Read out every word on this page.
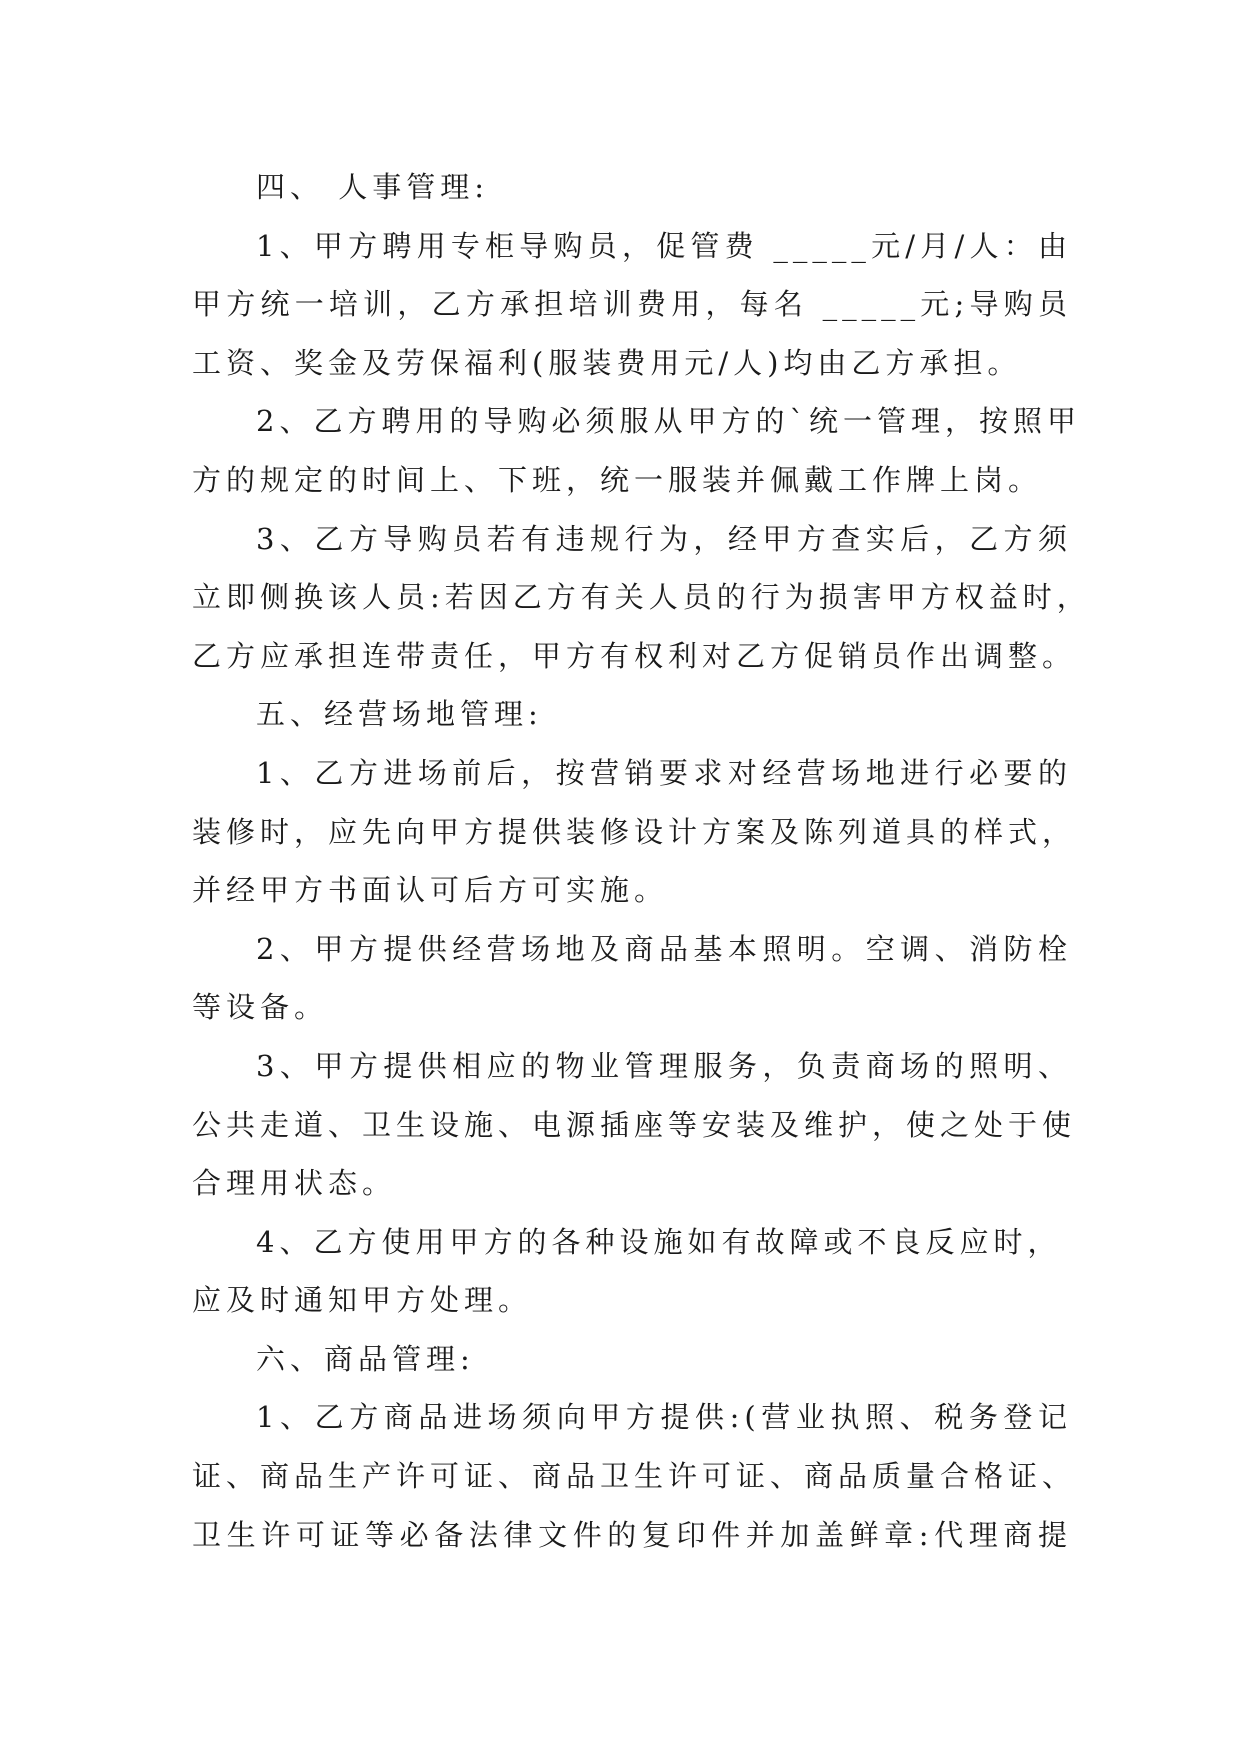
四、 人事管理:
1、甲方聘用专柜导购员，促管费 _____元/月/人：由
甲方统一培训，乙方承担培训费用，每名 _____元;导购员
工资、奖金及劳保福利(服装费用元/人)均由乙方承担。
2、乙方聘用的导购必须服从甲方的`统一管理，按照甲
方的规定的时间上、下班，统一服装并佩戴工作牌上岗。
3、乙方导购员若有违规行为，经甲方查实后，乙方须
立即侧换该人员:若因乙方有关人员的行为损害甲方权益时，
乙方应承担连带责任，甲方有权利对乙方促销员作出调整。
五、经营场地管理:
1、乙方进场前后，按营销要求对经营场地进行必要的
装修时，应先向甲方提供装修设计方案及陈列道具的样式，
并经甲方书面认可后方可实施。
2、甲方提供经营场地及商品基本照明。空调、消防栓
等设备。
3、甲方提供相应的物业管理服务，负责商场的照明、
公共走道、卫生设施、电源插座等安装及维护，使之处于使
合理用状态。
4、乙方使用甲方的各种设施如有故障或不良反应时，
应及时通知甲方处理。
六、商品管理:
1、乙方商品进场须向甲方提供:(营业执照、税务登记
证、商品生产许可证、商品卫生许可证、商品质量合格证、
卫生许可证等必备法律文件的复印件并加盖鲜章:代理商提
